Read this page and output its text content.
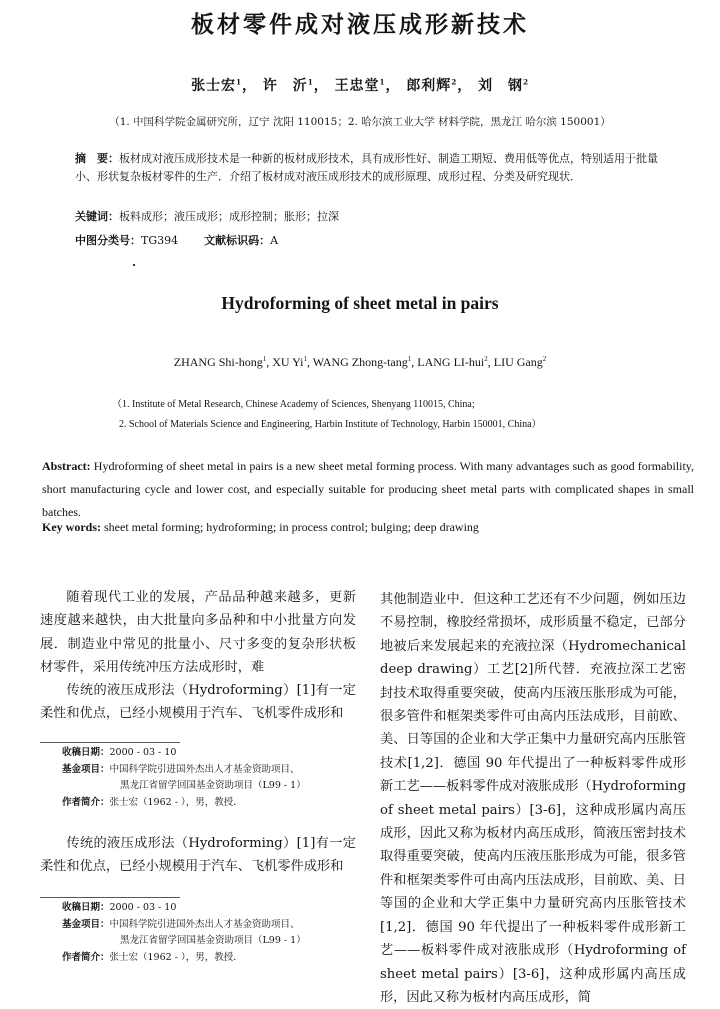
板材零件成对液压成形新技术
张士宏$^1$， 许　沂$^1$， 王忠堂$^1$， 郎利辉$^2$， 刘　钢$^2$
（1. 中国科学院金属研究所，辽宁 沈阳 110015；2. 哈尔滨工业大学 材料学院，黑龙江 哈尔滨 150001）
摘　要：板材成对液压成形技术是一种新的板材成形技术，具有成形性好、制造工期短、费用低等优点，特别适用于批量小、形状复杂板材零件的生产．介绍了板材成对液压成形技术的成形原理、成形过程、分类及研究现状．
关键词：板料成形；液压成形；成形控制；胀形；拉深
中图分类号：TG394 文献标识码：A
Hydroforming of sheet metal in pairs
ZHANG Shi-hong$^1$, XU Yi$^1$, WANG Zhong-tang$^1$, LANG LI-hui$^2$, LIU Gang$^2$
（1. Institute of Metal Research, Chinese Academy of Sciences, Shenyang 110015, China;
2. School of Materials Science and Engineering, Harbin Institute of Technology, Harbin 150001, China）
Abstract: Hydroforming of sheet metal in pairs is a new sheet metal forming process. With many advantages such as good formability, short manufacturing cycle and lower cost, and especially suitable for producing sheet metal parts with complicated shapes in small batches.
Key words: sheet metal forming; hydroforming; in process control; bulging; deep drawing

随着现代工业的发展，产品品种越来越多，更新速度越来越快，由大批量向多品种和中小批量方向发展．制造业中常见的批量小、尺寸多变的复杂形状板材零件，采用传统冲压方法成形时，难

传统的液压成形法（Hydroforming）[1]有一定柔性和优点，已经小规模用于汽车、飞机零件成形和

收稿日期：2000 - 03 - 10
基金项目：中国科学院引进国外杰出人才基金资助项目、
黑龙江省留学回国基金资助项目（L99 - 1）
作者简介：张士宏（1962 - ），男，教授．

传统的液压成形法（Hydroforming）[1]有一定柔性和优点，已经小规模用于汽车、飞机零件成形和

收稿日期：2000 - 03 - 10
基金项目：中国科学院引进国外杰出人才基金资助项目、
黑龙江省留学回国基金资助项目（L99 - 1）
作者简介：张士宏（1962 - ），男，教授．

其他制造业中．但这种工艺还有不少问题，例如压边不易控制，橡胶经常损坏，成形质量不稳定，已部分地被后来发展起来的充液拉深（Hydromechanical deep drawing）工艺[2]所代替．充液拉深工艺密封技术取得重要突破，使高内压液压胀形成为可能，很多管件和框架类零件可由高内压法成形，目前欧、美、日等国的企业和大学正集中力量研究高内压胀管技术[1,2]．德国 90 年代提出了一种板料零件成形新工艺——板料零件成对液胀成形（Hydroforming of sheet metal pairs）[3-6]，这种成形属内高压成形，因此又称为板材内高压成形，简液压密封技术取得重要突破，使高内压液压胀形成为可能，很多管件和框架类零件可由高内压法成形，目前欧、美、日等国的企业和大学正集中力量研究高内压胀管技术[1,2]．德国 90 年代提出了一种板料零件成形新工艺——板料零件成对液胀成形（Hydroforming of sheet metal pairs）[3-6]，这种成形属内高压成形，因此又称为板材内高压成形，简
